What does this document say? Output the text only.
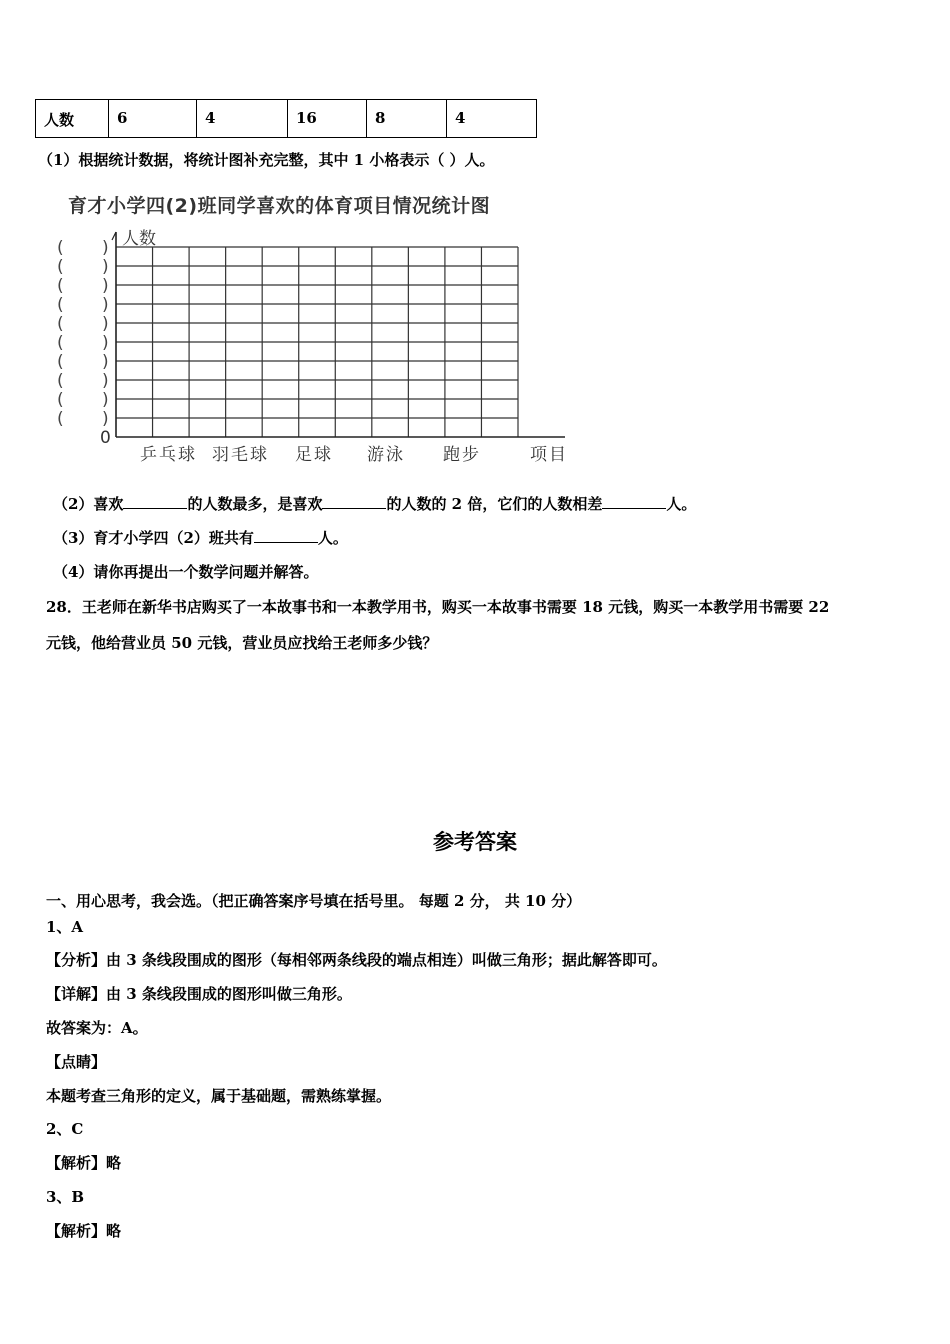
人数	6	4	16	8	4
（1）根据统计数据，将统计图补充完整，其中 1 小格表示（ ）人。
育才小学四(2)班同学喜欢的体育项目情况统计图
人数
( )
( )
( )
( )
( )
( )
( )
( )
( )
( )
0
乒乓球 羽毛球 足球 游泳 跑步	项目
（2）喜欢	的人数最多，是喜欢	的人数的 2 倍，它们的人数相差	人。
（3）育才小学四（2）班共有	人。
（4）请你再提出一个数学问题并解答。
28．王老师在新华书店购买了一本故事书和一本教学用书，购买一本故事书需要 18 元钱，购买一本教学用书需要 22
元钱，他给营业员 50 元钱，营业员应找给王老师多少钱？
参考答案
一、用心思考，我会选。（把正确答案序号填在括号里。 每题 2 分， 共 10 分）
1、A
【分析】由 3 条线段围成的图形（每相邻两条线段的端点相连）叫做三角形；据此解答即可。
【详解】由 3 条线段围成的图形叫做三角形。
故答案为：A。
【点睛】
本题考查三角形的定义，属于基础题，需熟练掌握。
2、C
【解析】略
3、B
【解析】略
